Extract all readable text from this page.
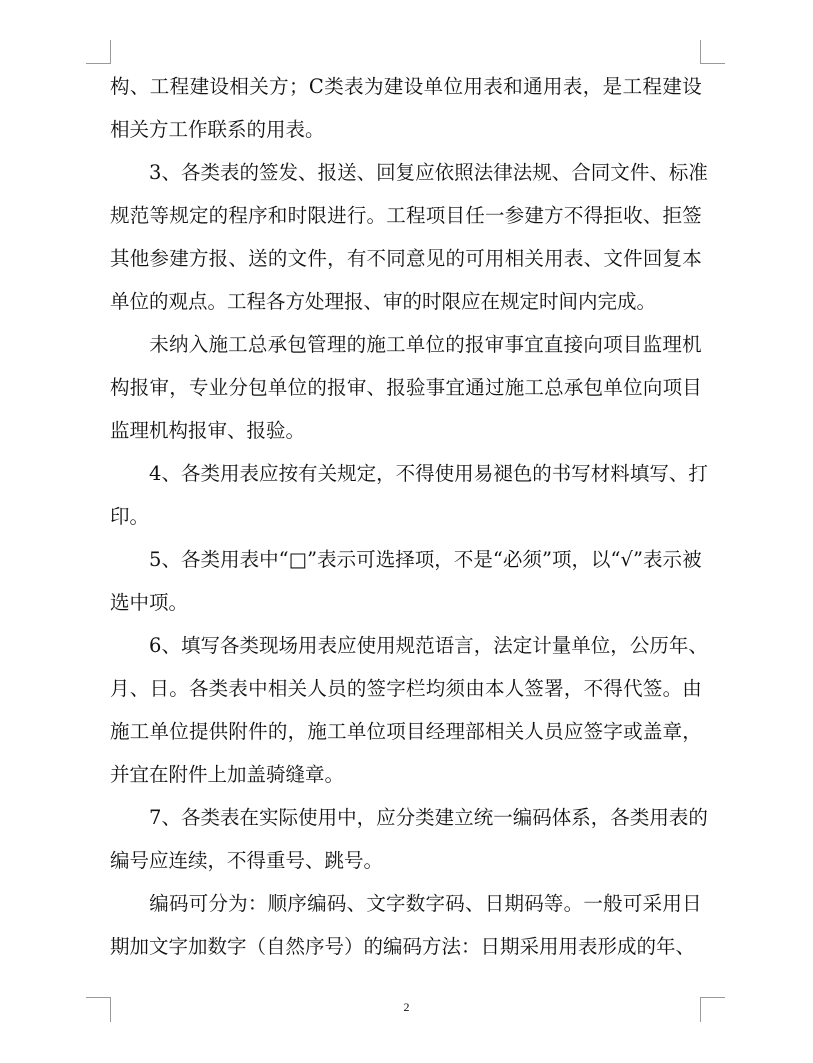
构 、 工 程 建 设 相 关 方 ； C 类 表 为 建 设 单 位 用 表 和 通 用 表 ， 是 工 程 建 设
相关方工作联系的用表。

3 、 各 类 表 的 签 发 、 报 送 、 回 复 应 依 照 法 律 法 规 、 合 同 文 件 、 标 准
规 范 等 规 定 的 程 序 和 时 限 进 行 。 工 程 项 目 任 一 参 建 方 不 得 拒 收 、 拒 签
其 他 参 建 方 报 、 送 的 文 件 ， 有 不 同 意 见 的 可 用 相 关 用 表 、 文 件 回 复 本
单位的观点。工程各方处理报、审的时限应在规定时间内完成。

未 纳 入 施 工 总 承 包 管 理 的 施 工 单 位 的 报 审 事 宜 直 接 向 项 目 监 理 机
构 报 审 ， 专 业 分 包 单 位 的 报 审 、 报 验 事 宜 通 过 施 工 总 承 包 单 位 向 项 目
监理机构报审、报验。

4 、 各 类 用 表 应 按 有 关 规 定 ， 不 得 使 用 易 褪 色 的 书 写 材 料 填 写 、 打
印。

5 、 各 类 用 表 中 “ □ ” 表 示 可 选 择 项 ， 不 是 “ 必 须 ” 项 ， 以 “ √ ” 表 示 被
选中项。

6 、 填 写 各 类 现 场 用 表 应 使 用 规 范 语 言 ， 法 定 计 量 单 位 ， 公 历 年 、
月 、 日 。 各 类 表 中 相 关 人 员 的 签 字 栏 均 须 由 本 人 签 署 ， 不 得 代 签 。 由
施 工 单 位 提 供 附 件 的 ， 施 工 单 位 项 目 经 理 部 相 关 人 员 应 签 字 或 盖 章 ，
并宜在附件上加盖骑缝章。

7 、 各 类 表 在 实 际 使 用 中 ， 应 分 类 建 立 统 一 编 码 体 系 ， 各 类 用 表 的
编号应连续，不得重号、跳号。

编 码 可 分 为 ： 顺 序 编 码 、 文 字 数 字 码 、 日 期 码 等 。 一 般 可 采 用 日
期加文字加数字（自然序号）的编码方法：日期采用用表形成的年、
2
